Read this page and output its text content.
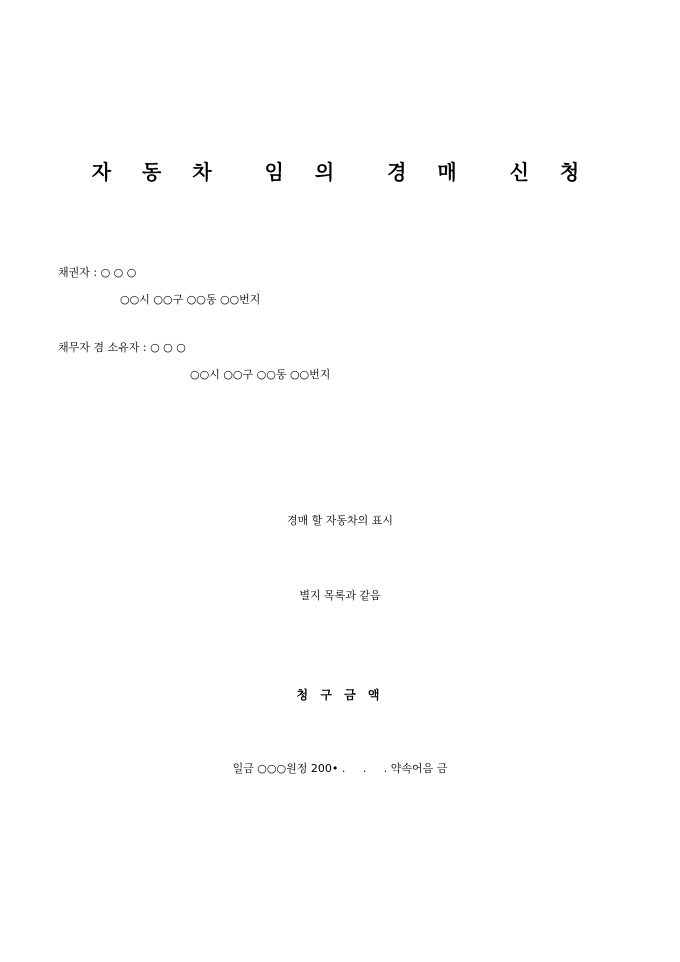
자 동 차  임 의  경 매  신 청
채권자 : ○ ○ ○
○○시 ○○구 ○○동 ○○번지
채무자 겸 소유자 : ○ ○ ○
○○시 ○○구 ○○동 ○○번지
경매 할 자동차의 표시
별지 목록과 같음
청 구 금 액
일금 ○○○원정 200• .     .     . 약속어음 금
